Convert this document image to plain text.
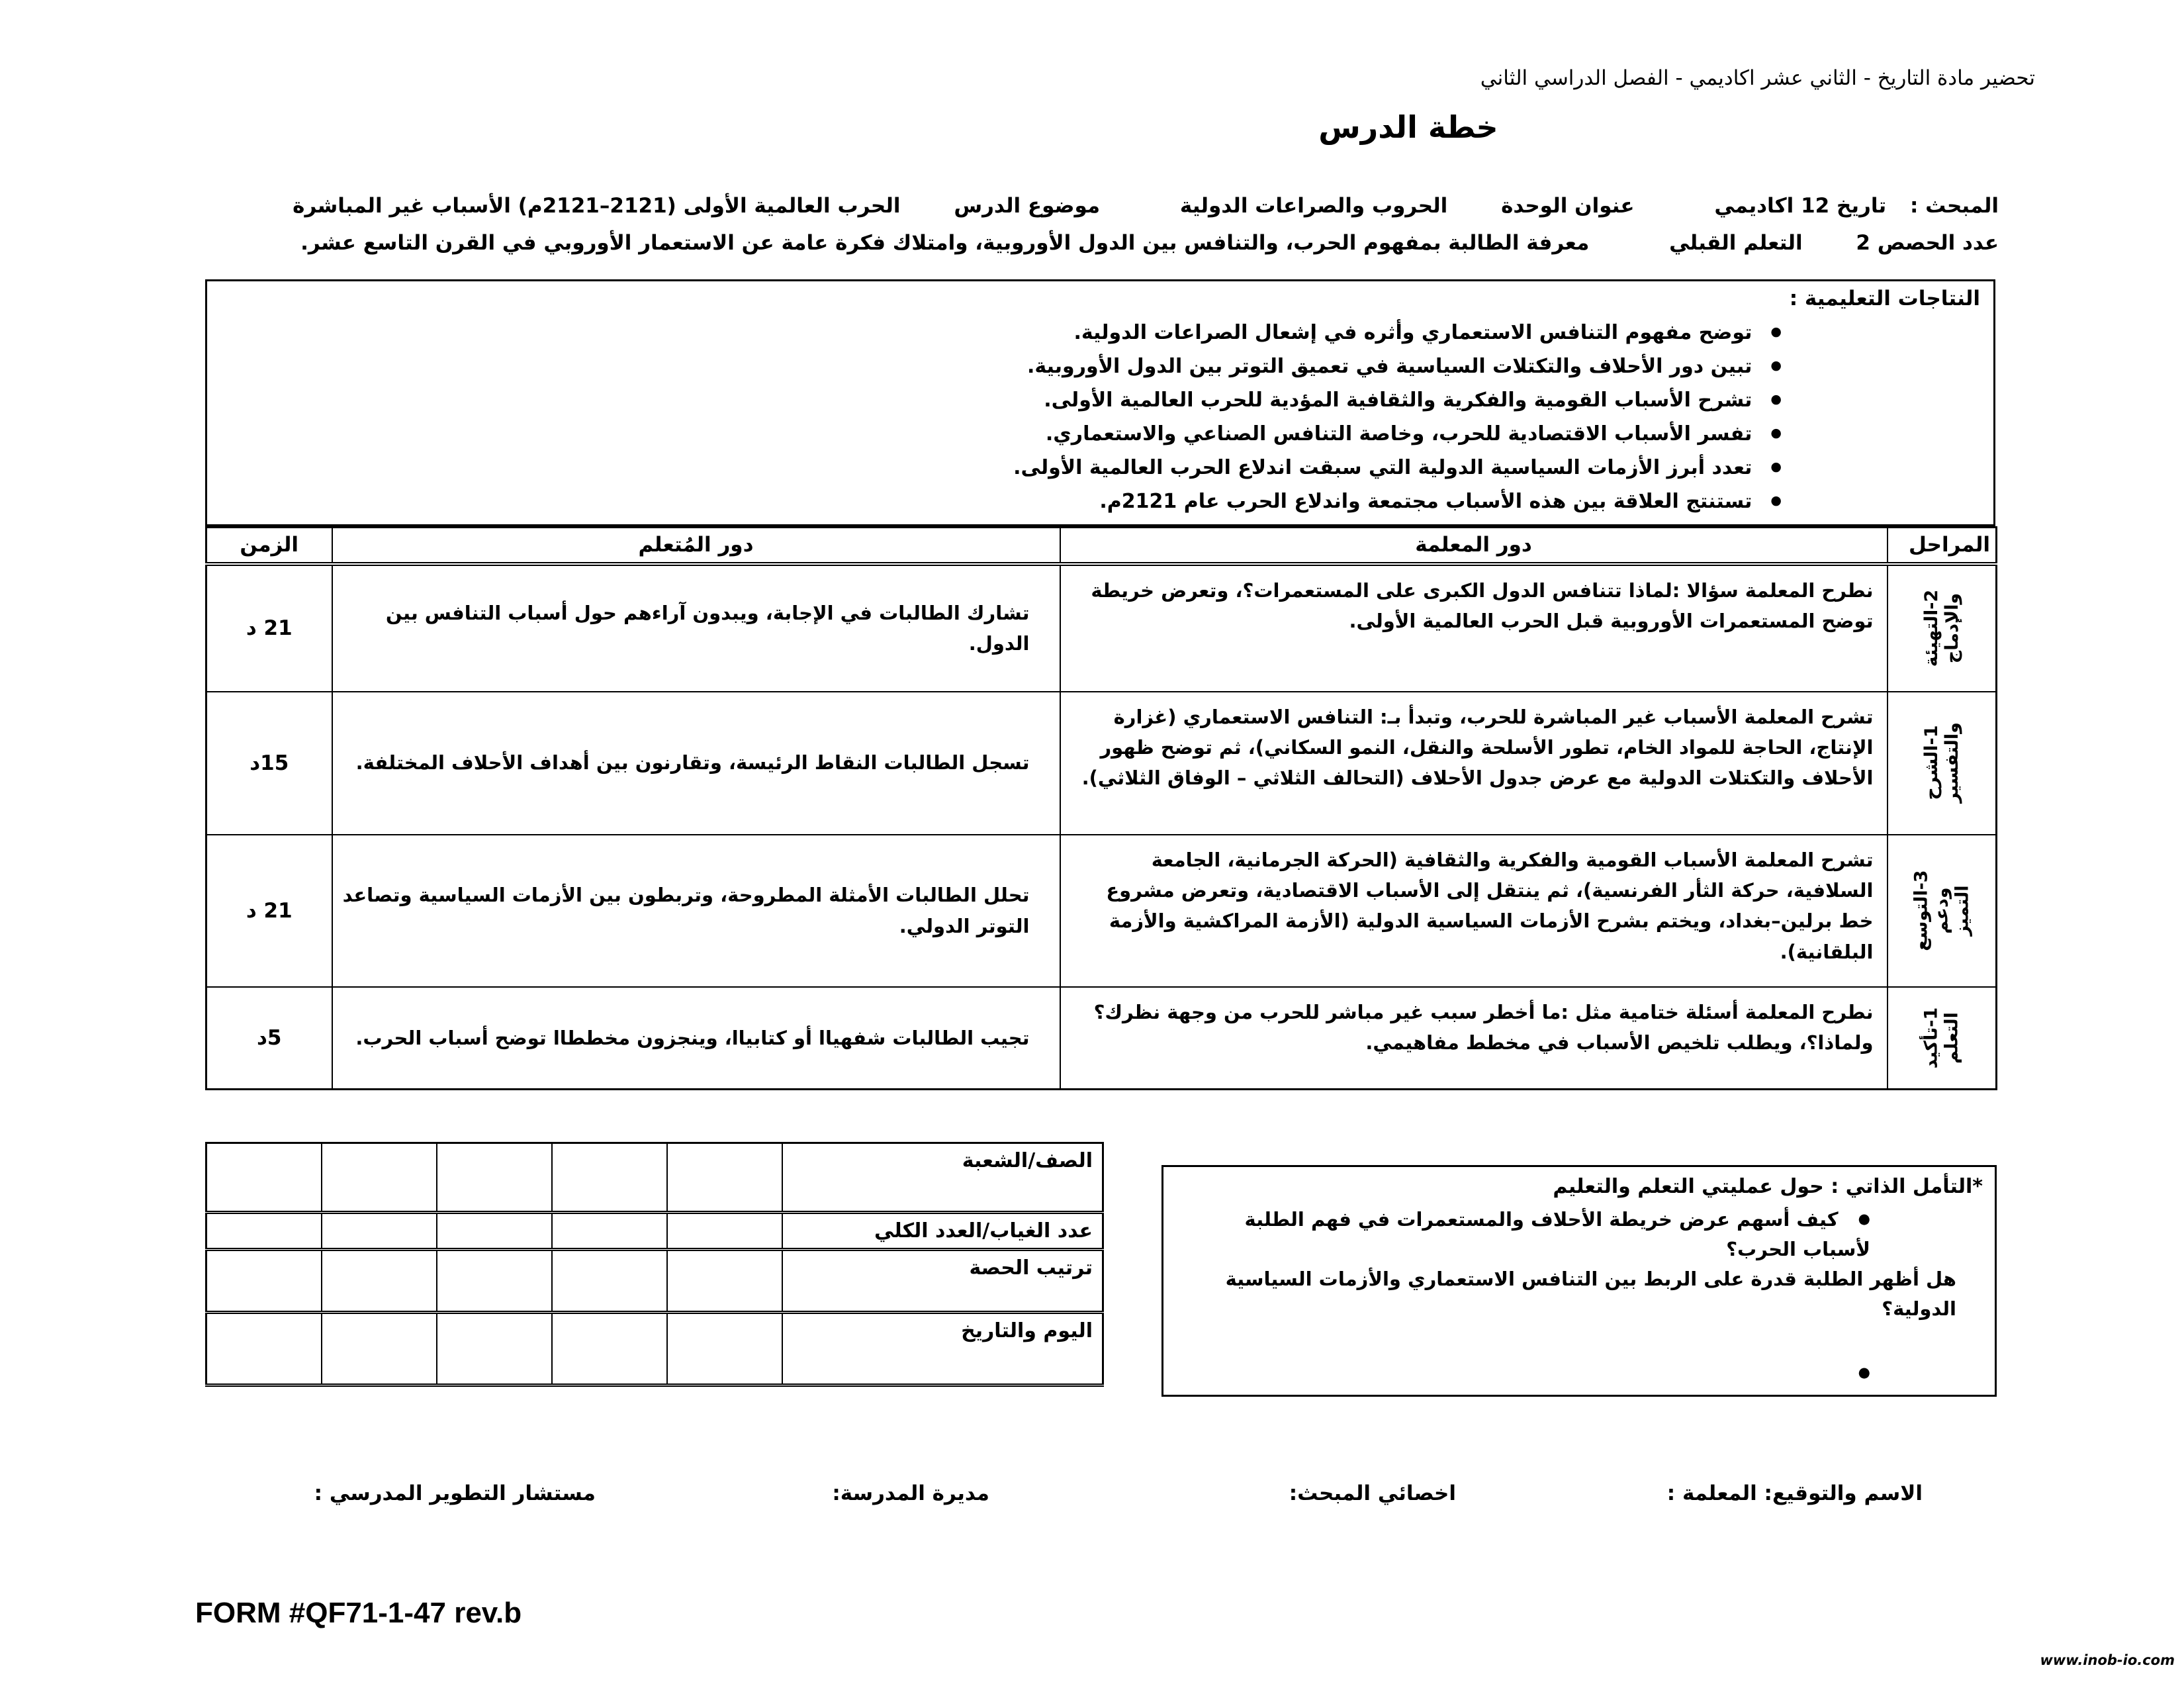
تحضير مادة التاريخ - الثاني عشر اكاديمي - الفصل الدراسي الثاني
خطة الدرس
المبحث : تاريخ 12 اكاديمي عنوان الوحدة الحروب والصراعات الدولية موضوع الدرس الحرب العالمية الأولى (2121–2121م) الأسباب غير المباشرة
عدد الحصص 2 التعلم القبلي معرفة الطالبة بمفهوم الحرب، والتنافس بين الدول الأوروبية، وامتلاك فكرة عامة عن الاستعمار الأوروبي في القرن التاسع عشر.
النتاجات التعليمية :
● توضح مفهوم التنافس الاستعماري وأثره في إشعال الصراعات الدولية.
● تبين دور الأحلاف والتكتلات السياسية في تعميق التوتر بين الدول الأوروبية.
● تشرح الأسباب القومية والفكرية والثقافية المؤدية للحرب العالمية الأولى.
● تفسر الأسباب الاقتصادية للحرب، وخاصة التنافس الصناعي والاستعماري.
● تعدد أبرز الأزمات السياسية الدولية التي سبقت اندلاع الحرب العالمية الأولى.
● تستنتج العلاقة بين هذه الأسباب مجتمعة واندلاع الحرب عام 2121م.
المراحل	دور المعلمة	دور المُتعلم	الزمن

2-التهيئة والإدماج	نطرح المعلمة سؤالا :لماذا تتنافس الدول الكبرى على المستعمرات؟، وتعرض خريطة توضح المستعمرات الأوروبية قبل الحرب العالمية الأولى.	تشارك الطالبات في الإجابة، ويبدون آراءهم حول أسباب التنافس بين الدول.	21 د

1-الشرح والتفسير	تشرح المعلمة الأسباب غير المباشرة للحرب، وتبدأ بـ: التنافس الاستعماري (غزارة الإنتاج، الحاجة للمواد الخام، تطور الأسلحة والنقل، النمو السكاني)، ثم توضح ظهور الأحلاف والتكتلات الدولية مع عرض جدول الأحلاف (التحالف الثلاثي – الوفاق الثلاثي).	تسجل الطالبات النقاط الرئيسة، وتقارنون بين أهداف الأحلاف المختلفة.	15د

3-التوسع ودعم التميز	تشرح المعلمة الأسباب القومية والفكرية والثقافية (الحركة الجرمانية، الجامعة السلافية، حركة الثأر الفرنسية)، ثم ينتقل إلى الأسباب الاقتصادية، وتعرض مشروع خط برلين–بغداد، ويختم بشرح الأزمات السياسية الدولية (الأزمة المراكشية والأزمة البلقانية).	تحلل الطالبات الأمثلة المطروحة، وتربطون بين الأزمات السياسية وتصاعد التوتر الدولي.	21 د

1-تأكيد التعلم	نطرح المعلمة أسئلة ختامية مثل :ما أخطر سبب غير مباشر للحرب من وجهة نظرك؟ ولماذا؟، ويطلب تلخيص الأسباب في مخطط مفاهيمي.	تجيب الطالبات شفهياا أو كتابياا، وينجزون مخططاا توضح أسباب الحرب.	5د
الصف/الشعبة					
عدد الغياب/العدد الكلي					
ترتيب الحصة					
اليوم والتاريخ					
*التأمل الذاتي : حول عمليتي التعلم والتعليم
● كيف أسهم عرض خريطة الأحلاف والمستعمرات في فهم الطلبة لأسباب الحرب؟
هل أظهر الطلبة قدرة على الربط بين التنافس الاستعماري والأزمات السياسية الدولية؟
●
الاسم والتوقيع: المعلمة :
اخصائي المبحث:
مديرة المدرسة:
مستشار التطوير المدرسي :
FORM #QF71-1-47 rev.b
www.inob-io.com
